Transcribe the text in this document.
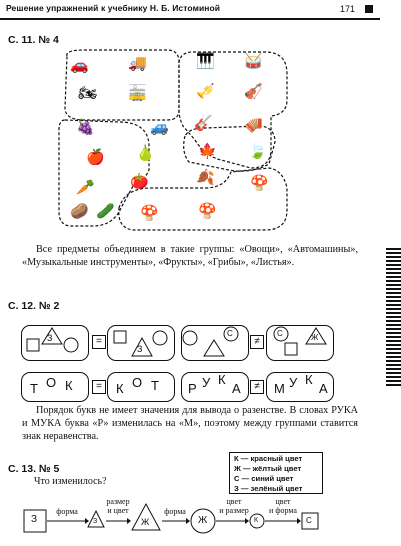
Решение упражнений к учебнику Н. Б. Истоминой	171
С. 11. № 4
🚗	🚚
🏍 🚋
🚙
🎹 🥁
🎺 🎻
🎸 🪗
🍇
🍐
🍎
🥕 🍅
🥔 🥒
🍁 🍃
🍂 🍄
🍄	🍄
Все предметы объединяем в такие группы: «Овощи», «Автомашины», «Музыкальные инструменты», «Фрукты», «Грибы», «Листья».
С. 12. № 2
З
З
С	С	Ж
=	≠
Т О К	К О Т Р У К
А	М У К
А
=	≠
Порядок букв не имеет значения для вывода о разенстве. В словах РУКА и МУКА буква «Р» изменилась на «М», поэтому между группами ставится знак неравенства.
С. 13. № 5
Что изменилось?
К — красный цвет
Ж — жёлтый цвет
С — синий цвет
З — зелёный цвет
З	З	Ж	Ж	К	С
форма
размер
и цвет	форма
цвет
и размер
цвет
и форма
